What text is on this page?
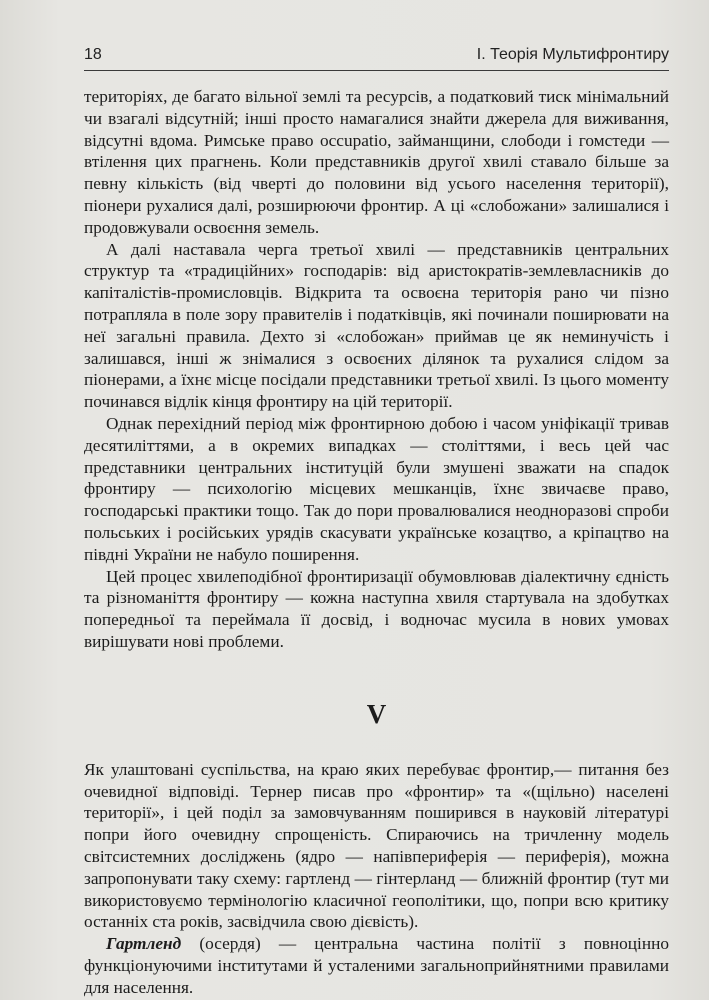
18	І. Теорія Мультифронтиру

територіях, де багато вільної землі та ресурсів, а податковий тиск мінімальний чи взагалі відсутній; інші просто намагалися знайти джерела для виживання, відсутні вдома. Римське право occupatio, займанщини, слободи і гомстеди — втілення цих прагнень. Коли представників другої хвилі ставало більше за певну кількість (від чверті до половини від усього населення території), піонери рухалися далі, розширюючи фронтир. А ці «слобожани» залишалися і продовжували освоєння земель.

А далі наставала черга третьої хвилі — представників центральних структур та «традиційних» господарів: від аристократів-землевласників до капіталістів-промисловців. Відкрита та освоєна територія рано чи пізно потрапляла в поле зору правителів і податківців, які починали поширювати на неї загальні правила. Дехто зі «слобожан» приймав це як неминучість і залишався, інші ж знімалися з освоєних ділянок та рухалися слідом за піонерами, а їхнє місце посідали представники третьої хвилі. Із цього моменту починався відлік кінця фронтиру на цій території.

Однак перехідний період між фронтирною добою і часом уніфікації тривав десятиліттями, а в окремих випадках — століттями, і весь цей час представники центральних інституцій були змушені зважати на спадок фронтиру — психологію місцевих мешканців, їхнє звичаєве право, господарські практики тощо. Так до пори провалювалися неодноразові спроби польських і російських урядів скасувати українське козацтво, а кріпацтво на півдні України не набуло поширення.

Цей процес хвилеподібної фронтиризації обумовлював діалектичну єдність та різноманіття фронтиру — кожна наступна хвиля стартувала на здобутках попередньої та переймала її досвід, і водночас мусила в нових умовах вирішувати нові проблеми.

V

Як улаштовані суспільства, на краю яких перебуває фронтир,— питання без очевидної відповіді. Тернер писав про «фронтир» та «(щільно) населені території», і цей поділ за замовчуванням поширився в науковій літературі попри його очевидну спрощеність. Спираючись на тричленну модель світсистемних досліджень (ядро — напівпериферія — периферія), можна запропонувати таку схему: гартленд — гінтерланд — ближній фронтир (тут ми використовуємо термінологію класичної геополітики, що, попри всю критику останніх ста років, засвідчила свою дієвість).

Гартленд (осердя) — центральна частина політії з повноцінно функціонуючими інститутами й усталеними загальноприйнятними правилами для населення.
